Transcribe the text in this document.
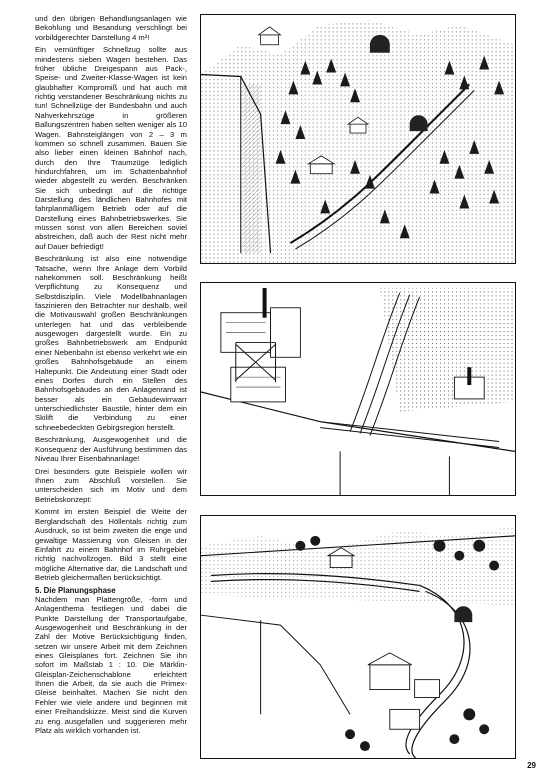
und den übrigen Behandlungsanlagen wie Bekohlung und Besandung verschlingt bei vorbildgerechter Darstellung 4 m²!

Ein vernünftiger Schnellzug sollte aus mindestens sieben Wagen bestehen. Das früher übliche Dreigespann aus Pack-, Speise- und Zweiter-Klasse-Wagen ist kein glaubhafter Kompromiß und hat auch mit richtig verstandener Beschränkung nichts zu tun! Schnellzüge der Bundesbahn und auch Nahverkehrszüge in größeren Ballungszentren haben selten weniger als 10 Wagen. Bahnsteiglängen von 2 – 3 m kommen so schnell zusammen. Bauen Sie also lieber einen kleinen Bahnhof nach, durch den Ihre Traumzüge lediglich hindurchfahren, um im Schattenbahnhof wieder abgestellt zu werden. Beschränken Sie sich unbedingt auf die richtige Darstellung des ländlichen Bahnhofes mit fahrplanmäßigem Betrieb oder auf die Darstellung eines Bahnbetriebswerkes. Sie müssen sonst von allen Bereichen soviel abstreichen, daß auch der Rest nicht mehr auf Dauer befriedigt!

Beschränkung ist also eine notwendige Tatsache, wenn Ihre Anlage dem Vorbild nahekommen soll. Beschränkung heißt Verpflichtung zu Konsequenz und Selbstdisziplin. Viele Modellbahnanlagen faszinieren den Betrachter nur deshalb, weil die Motivauswahl großen Beschränkungen unterlegen hat und das verbleibende ausgewogen dargestellt wurde. Ein zu großes Bahnbetriebswerk am Endpunkt einer Nebenbahn ist ebenso verkehrt wie ein großes Bahnhofsgebäude an einem Haltepunkt. Die Andeutung einer Stadt oder eines Dorfes durch ein Stellen des Bahnhofsgebäudes an den Anlagenrand ist besser als ein Gebäudewirrwarr unterschiedlichster Baustile, hinter dem ein Skilift die Verbindung zu einer schneebedeckten Gebirgsregion herstellt.

Beschränkung, Ausgewogenheit und die Konsequenz der Ausführung bestimmen das Niveau Ihrer Eisenbahnanlage!

Drei besonders gute Beispiele wollen wir Ihnen zum Abschluß vorstellen. Sie unterscheiden sich im Motiv und dem Betriebskonzept:

Kommt im ersten Beispiel die Weite der Berglandschaft des Höllentals richtig zum Ausdruck, so ist beim zweiten die enge und gewaltige Massierung von Gleisen in der Einfahrt zu einem Bahnhof im Ruhrgebiet richtig nachvollzogen. Bild 3 stellt eine mögliche Alternative dar, die Landschaft und Betrieb gleichermaßen berücksichtigt.

5. Die Planungsphase

Nachdem man Plattengröße, -form und Anlagenthema festliegen und dabei die Punkte Darstellung der Transportaufgabe, Ausgewogenheit und Beschränkung in der Zahl der Motive Berücksichtigung finden, setzen wir unsere Arbeit mit dem Zeichnen eines Gleisplanes fort. Zeichnen Sie ihn sofort im Maßstab 1 : 10. Die Märklin-Gleisplan-Zeichenschablone erleichtert Ihnen die Arbeit, da sie auch die Primex-Gleise beinhaltet. Machen Sie nicht den Fehler wie viele andere und beginnen mit einer Freihandskizze. Meist sind die Kurven zu eng ausgefallen und suggerieren mehr Platz als wirklich vorhanden ist.

29
